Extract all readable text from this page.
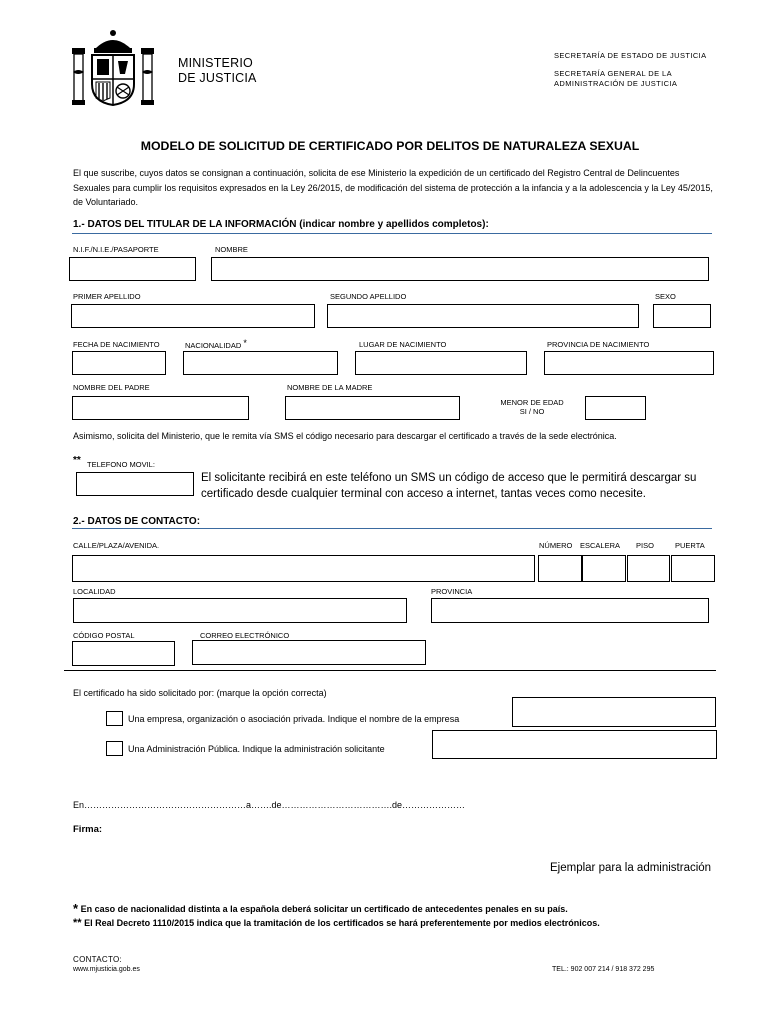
MINISTERIO
DE JUSTICIA
SECRETARÍA DE ESTADO DE JUSTICIA
SECRETARÍA GENERAL DE LA
ADMINISTRACIÓN DE JUSTICIA
MODELO DE SOLICITUD DE CERTIFICADO POR DELITOS DE NATURALEZA SEXUAL
El que suscribe, cuyos datos se consignan a continuación, solicita de ese Ministerio la expedición de un certificado del Registro Central de Delincuentes Sexuales para cumplir los requisitos expresados en la Ley 26/2015, de modificación del sistema de protección a la infancia y a la adolescencia y la Ley 45/2015, de Voluntariado.
1.- DATOS DEL TITULAR DE LA INFORMACIÓN (indicar nombre y apellidos completos):
N.I.F./N.I.E./PASAPORTE	NOMBRE
PRIMER APELLIDO	SEGUNDO APELLIDO	SEXO
FECHA DE NACIMIENTO	NACIONALIDAD *	LUGAR DE NACIMIENTO	PROVINCIA DE NACIMIENTO
NOMBRE DEL PADRE	NOMBRE DE LA MADRE
MENOR DE EDAD
SI / NO
Asimismo, solicita del Ministerio, que le remita vía SMS el código necesario para descargar el certificado a través de la sede electrónica.
** TELEFONO MOVIL:
El solicitante recibirá en este teléfono un SMS un código de acceso que le permitirá descargar su
certificado desde cualquier terminal con acceso a internet, tantas veces como necesite.
2.- DATOS DE CONTACTO:
CALLE/PLAZA/AVENIDA.	NÚMERO ESCALERA PISO	PUERTA
LOCALIDAD	PROVINCIA
CÓDIGO POSTAL	CORREO ELECTRÓNICO
El certificado ha sido solicitado por: (marque la opción correcta)
Una empresa, organización o asociación privada. Indique el nombre de la empresa
Una Administración Pública. Indique la administración solicitante
En………………………………………………a…….de……………………………….de…………………
Firma:
Ejemplar para la administración
* En caso de nacionalidad distinta a la española deberá solicitar un certificado de antecedentes penales en su país.
** El Real Decreto 1110/2015 indica que la tramitación de los certificados se hará preferentemente por medios electrónicos.
CONTACTO:
www.mjusticia.gob.es	TEL.: 902 007 214 / 918 372 295
